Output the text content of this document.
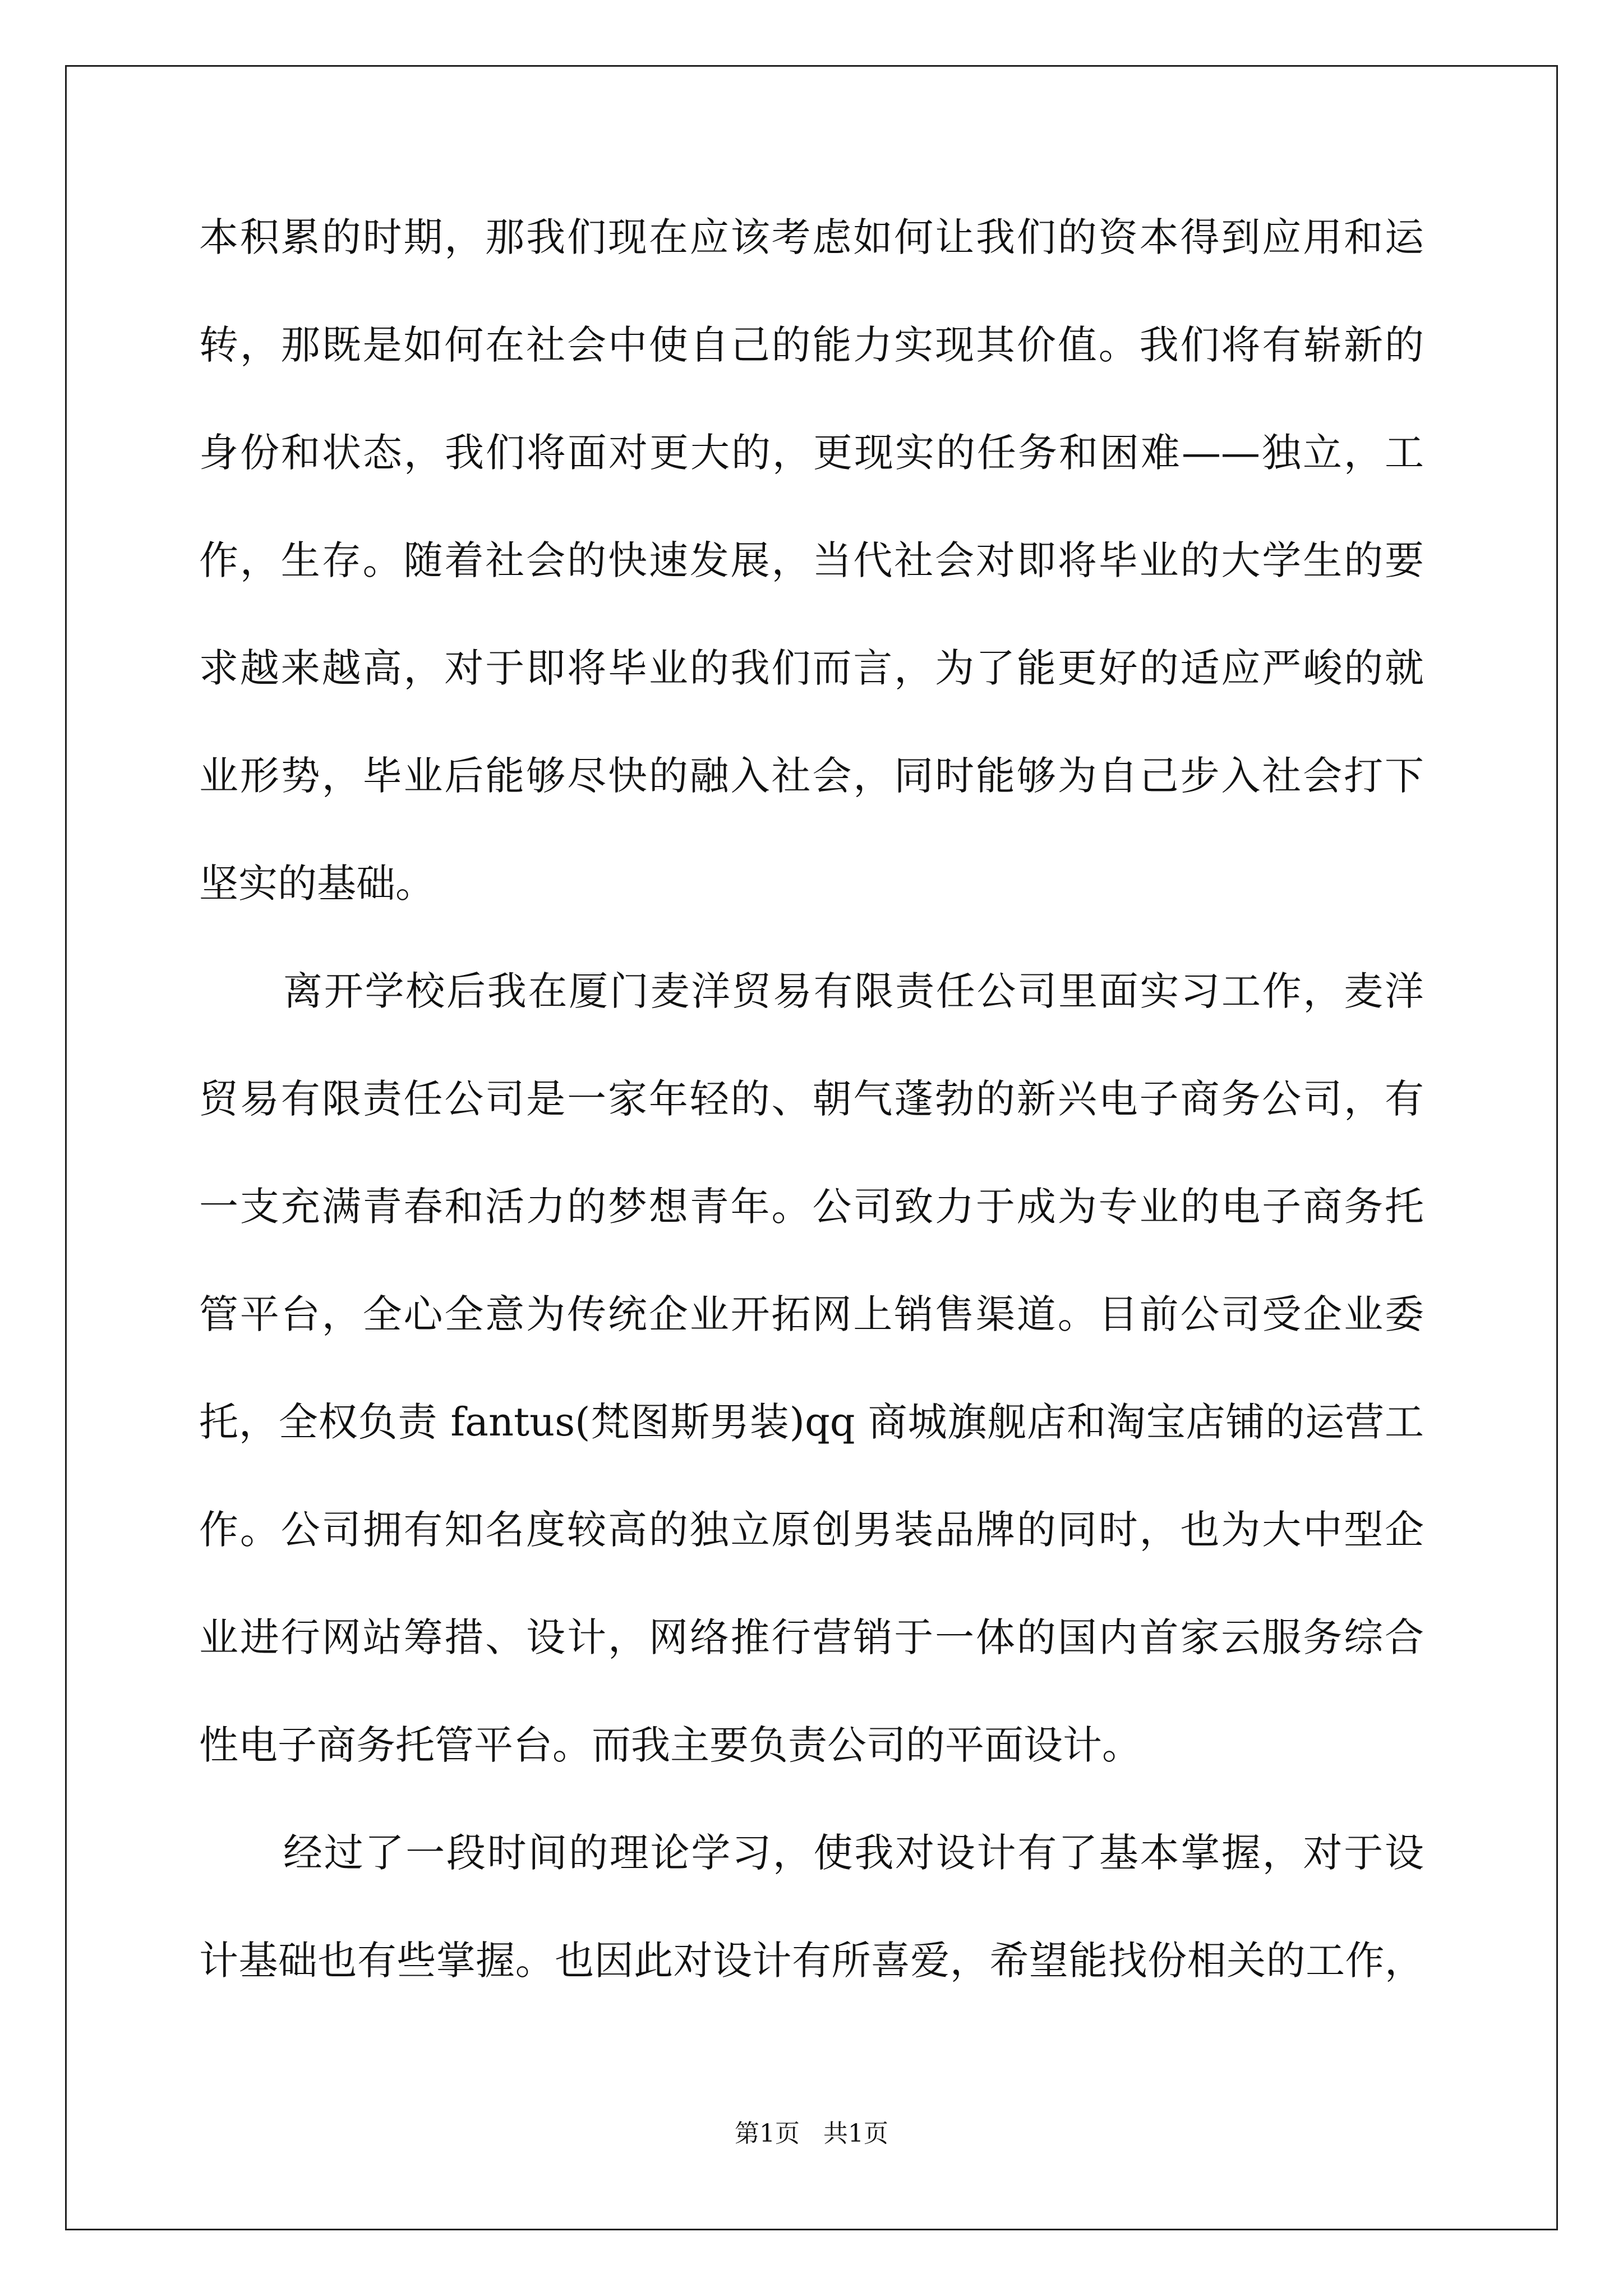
本积累的时期，那我们现在应该考虑如何让我们的资本得到应用和运
转，那既是如何在社会中使自己的能力实现其价值。我们将有崭新的
身份和状态，我们将面对更大的，更现实的任务和困难——独立，工
作，生存。随着社会的快速发展，当代社会对即将毕业的大学生的要
求越来越高，对于即将毕业的我们而言，为了能更好的适应严峻的就
业形势，毕业后能够尽快的融入社会，同时能够为自己步入社会打下
坚实的基础。
离开学校后我在厦门麦洋贸易有限责任公司里面实习工作，麦洋
贸易有限责任公司是一家年轻的、朝气蓬勃的新兴电子商务公司，有
一支充满青春和活力的梦想青年。公司致力于成为专业的电子商务托
管平台，全心全意为传统企业开拓网上销售渠道。目前公司受企业委
托，全权负责 fantus(梵图斯男装)qq 商城旗舰店和淘宝店铺的运营工
作。公司拥有知名度较高的独立原创男装品牌的同时，也为大中型企
业进行网站筹措、设计，网络推行营销于一体的国内首家云服务综合
性电子商务托管平台。而我主要负责公司的平面设计。
经过了一段时间的理论学习，使我对设计有了基本掌握，对于设
计基础也有些掌握。也因此对设计有所喜爱，希望能找份相关的工作，
第1页   共1页
